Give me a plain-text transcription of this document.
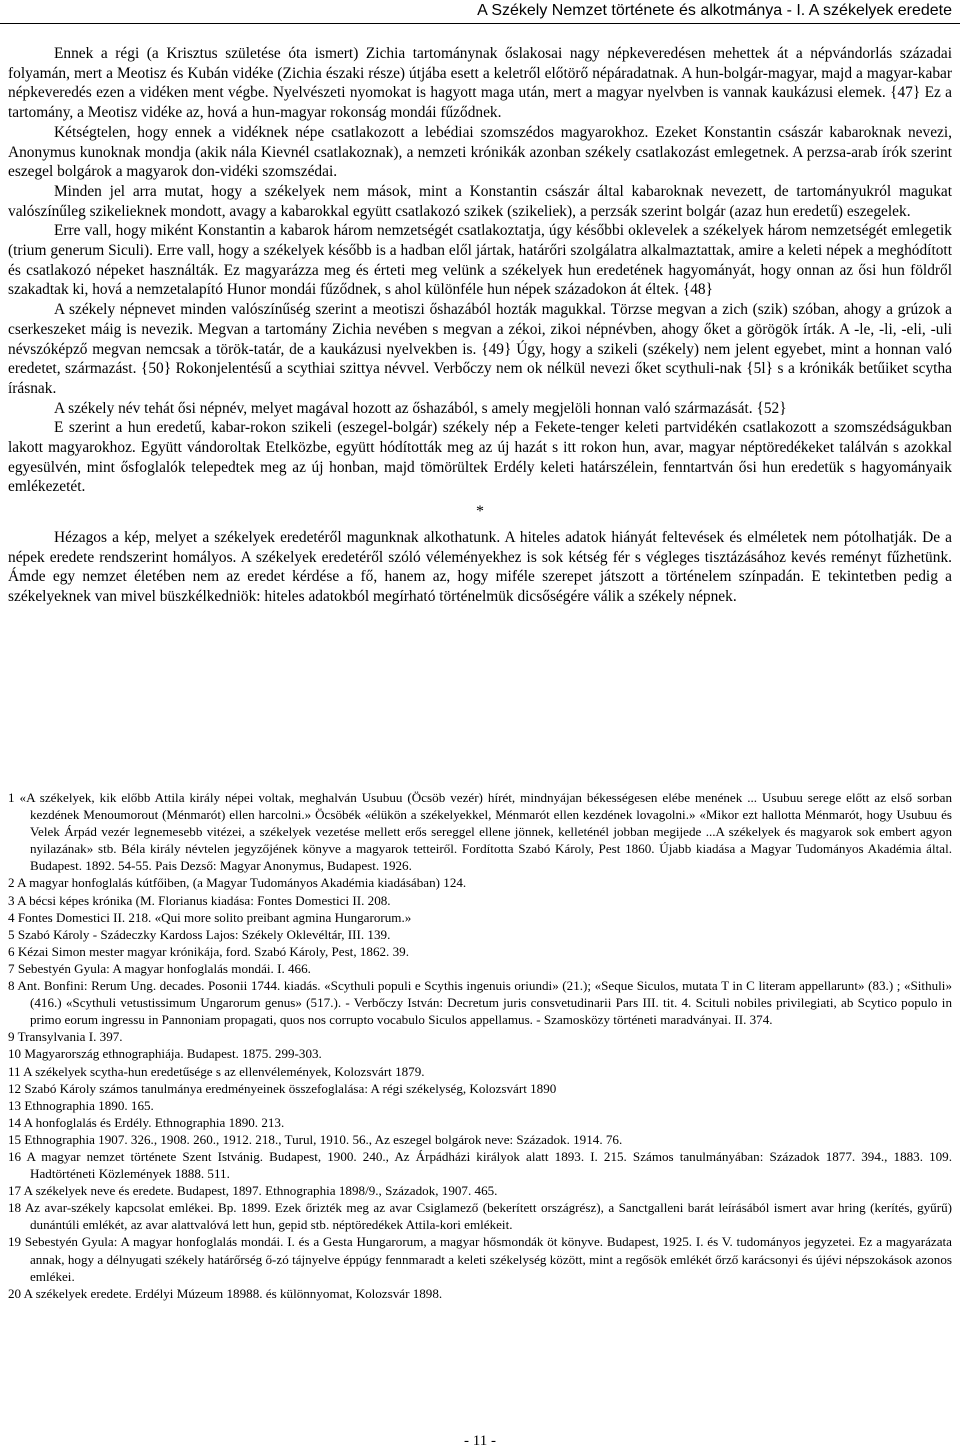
A Székely Nemzet története és alkotmánya - I. A székelyek eredete

Ennek a régi (a Krisztus születése óta ismert) Zichia tartománynak őslakosai nagy népkeveredésen mehettek át a népvándorlás századai folyamán, mert a Meotisz és Kubán vidéke (Zichia északi része) útjába esett a keletről előtörő népáradatnak. A hun-bolgár-magyar, majd a magyar-kabar népkeveredés ezen a vidéken ment végbe. Nyelvészeti nyomokat is hagyott maga után, mert a magyar nyelvben is vannak kaukázusi elemek. {47} Ez a tartomány, a Meotisz vidéke az, hová a hun-magyar rokonság mondái fűződnek.

Kétségtelen, hogy ennek a vidéknek népe csatlakozott a lebédiai szomszédos magyarokhoz. Ezeket Konstantin császár kabaroknak nevezi, Anonymus kunoknak mondja (akik nála Kievnél csatlakoznak), a nemzeti krónikák azonban székely csatlakozást emlegetnek. A perzsa-arab írók szerint eszegel bolgárok a magyarok don-vidéki szomszédai.

Minden jel arra mutat, hogy a székelyek nem mások, mint a Konstantin császár által kabaroknak nevezett, de tartományukról magukat valószínűleg szikelieknek mondott, avagy a kabarokkal együtt csatlakozó szikek (szikeliek), a perzsák szerint bolgár (azaz hun eredetű) eszegelek.

Erre vall, hogy miként Konstantin a kabarok három nemzetségét csatlakoztatja, úgy későbbi oklevelek a székelyek három nemzetségét emlegetik (trium generum Siculi). Erre vall, hogy a székelyek később is a hadban elől jártak, határőri szolgálatra alkalmaztattak, amire a keleti népek a meghódított és csatlakozó népeket használták. Ez magyarázza meg és érteti meg velünk a székelyek hun eredetének hagyományát, hogy onnan az ősi hun földről szakadtak ki, hová a nemzetalapító Hunor mondái fűződnek, s ahol különféle hun népek századokon át éltek. {48}

A székely népnevet minden valószínűség szerint a meotiszi őshazából hozták magukkal. Törzse megvan a zich (szik) szóban, ahogy a grúzok a cserkeszeket máig is nevezik. Megvan a tartomány Zichia nevében s megvan a zékoi, zikoi népnévben, ahogy őket a görögök írták. A -le, -li, -eli, -uli névszóképző megvan nemcsak a török-tatár, de a kaukázusi nyelvekben is. {49} Úgy, hogy a szikeli (székely) nem jelent egyebet, mint a honnan való eredetet, származást. {50} Rokonjelentésű a scythiai szittya névvel. Verbőczy nem ok nélkül nevezi őket scythuli-nak {5l} s a krónikák betűiket scytha írásnak.

A székely név tehát ősi népnév, melyet magával hozott az őshazából, s amely megjelöli honnan való származását. {52}

E szerint a hun eredetű, kabar-rokon szikeli (eszegel-bolgár) székely nép a Fekete-tenger keleti partvidékén csatlakozott a szomszédságukban lakott magyarokhoz. Együtt vándoroltak Etelközbe, együtt hódították meg az új hazát s itt rokon hun, avar, magyar néptöredékeket találván s azokkal egyesülvén, mint ősfoglalók telepedtek meg az új honban, majd tömörültek Erdély keleti határszélein, fenntartván ősi hun eredetük s hagyományaik emlékezetét.

*

Hézagos a kép, melyet a székelyek eredetéről magunknak alkothatunk. A hiteles adatok hiányát feltevések és elméletek nem pótolhatják. De a népek eredete rendszerint homályos. A székelyek eredetéről szóló véleményekhez is sok kétség fér s végleges tisztázásához kevés reményt fűzhetünk. Ámde egy nemzet életében nem az eredet kérdése a fő, hanem az, hogy miféle szerepet játszott a történelem színpadán. E tekintetben pedig a székelyeknek van mivel büszkélkedniök: hiteles adatokból megírható történelmük dicsőségére válik a székely népnek.

1 «A székelyek, kik előbb Attila király népei voltak, meghalván Usubuu (Öcsöb vezér) hírét, mindnyájan békességesen elébe menének ... Usubuu serege előtt az első sorban kezdének Menoumorout (Ménmarót) ellen harcolni.» Öcsöbék «élükön a székelyekkel, Ménmarót ellen kezdének lovagolni.» «Mikor ezt hallotta Ménmarót, hogy Usubuu és Velek Árpád vezér legnemesebb vitézei, a székelyek vezetése mellett erős sereggel ellene jönnek, kelleténél jobban megijede ...A székelyek és magyarok sok embert agyon nyilazának» stb. Béla király névtelen jegyzőjének könyve a magyarok tetteiről. Fordította Szabó Károly, Pest 1860. Újabb kiadása a Magyar Tudományos Akadémia által. Budapest. 1892. 54-55. Pais Dezső: Magyar Anonymus, Budapest. 1926.

2 A magyar honfoglalás kútfőiben, (a Magyar Tudományos Akadémia kiadásában) 124.

3 A bécsi képes krónika (M. Florianus kiadása: Fontes Domestici II. 208.

4 Fontes Domestici II. 218. «Qui more solito preibant agmina Hungarorum.»

5 Szabó Károly - Szádeczky Kardoss Lajos: Székely Oklevéltár, III. 139.

6 Kézai Simon mester magyar krónikája, ford. Szabó Károly, Pest, 1862. 39.

7 Sebestyén Gyula: A magyar honfoglalás mondái. I. 466.

8 Ant. Bonfini: Rerum Ung. decades. Posonii 1744. kiadás. «Scythuli populi e Scythis ingenuis oriundi» (21.); «Seque Siculos, mutata T in C literam appellarunt» (83.) ; «Sithuli» (416.) «Scythuli vetustissimum Ungarorum genus» (517.). - Verbőczy István: Decretum juris consvetudinarii Pars III. tit. 4. Scituli nobiles privilegiati, ab Scytico populo in primo eorum ingressu in Pannoniam propagati, quos nos corrupto vocabulo Siculos appellamus. - Szamosközy történeti maradványai. II. 374.

9 Transylvania I. 397.

10 Magyarország ethnographiája. Budapest. 1875. 299-303.

11 A székelyek scytha-hun eredetűsége s az ellenvélemények, Kolozsvárt 1879.

12 Szabó Károly számos tanulmánya eredményeinek összefoglalása: A régi székelység, Kolozsvárt 1890

13 Ethnographia 1890. 165.

14 A honfoglalás és Erdély. Ethnographia 1890. 213.

15 Ethnographia 1907. 326., 1908. 260., 1912. 218., Turul, 1910. 56., Az eszegel bolgárok neve: Századok. 1914. 76.

16 A magyar nemzet története Szent Istvánig. Budapest, 1900. 240., Az Árpádházi királyok alatt 1893. I. 215. Számos tanulmányában: Századok 1877. 394., 1883. 109. Hadtörténeti Közlemények 1888. 511.

17 A székelyek neve és eredete. Budapest, 1897. Ethnographia 1898/9., Századok, 1907. 465.

18 Az avar-székely kapcsolat emlékei. Bp. 1899. Ezek őrizték meg az avar Csiglamező (bekerített országrész), a Sanctgalleni barát leírásából ismert avar hring (kerítés, gyűrű) dunántúli emlékét, az avar alattvalóvá lett hun, gepid stb. néptöredékek Attila-kori emlékeit.

19 Sebestyén Gyula: A magyar honfoglalás mondái. I. és a Gesta Hungarorum, a magyar hősmondák öt könyve. Budapest, 1925. I. és V. tudományos jegyzetei. Ez a magyarázata annak, hogy a délnyugati székely határőrség ő-zó tájnyelve éppúgy fennmaradt a keleti székelység között, mint a regősök emlékét őrző karácsonyi és újévi népszokások azonos emlékei.

20 A székelyek eredete. Erdélyi Múzeum 18988. és különnyomat, Kolozsvár 1898.

- 11 -
